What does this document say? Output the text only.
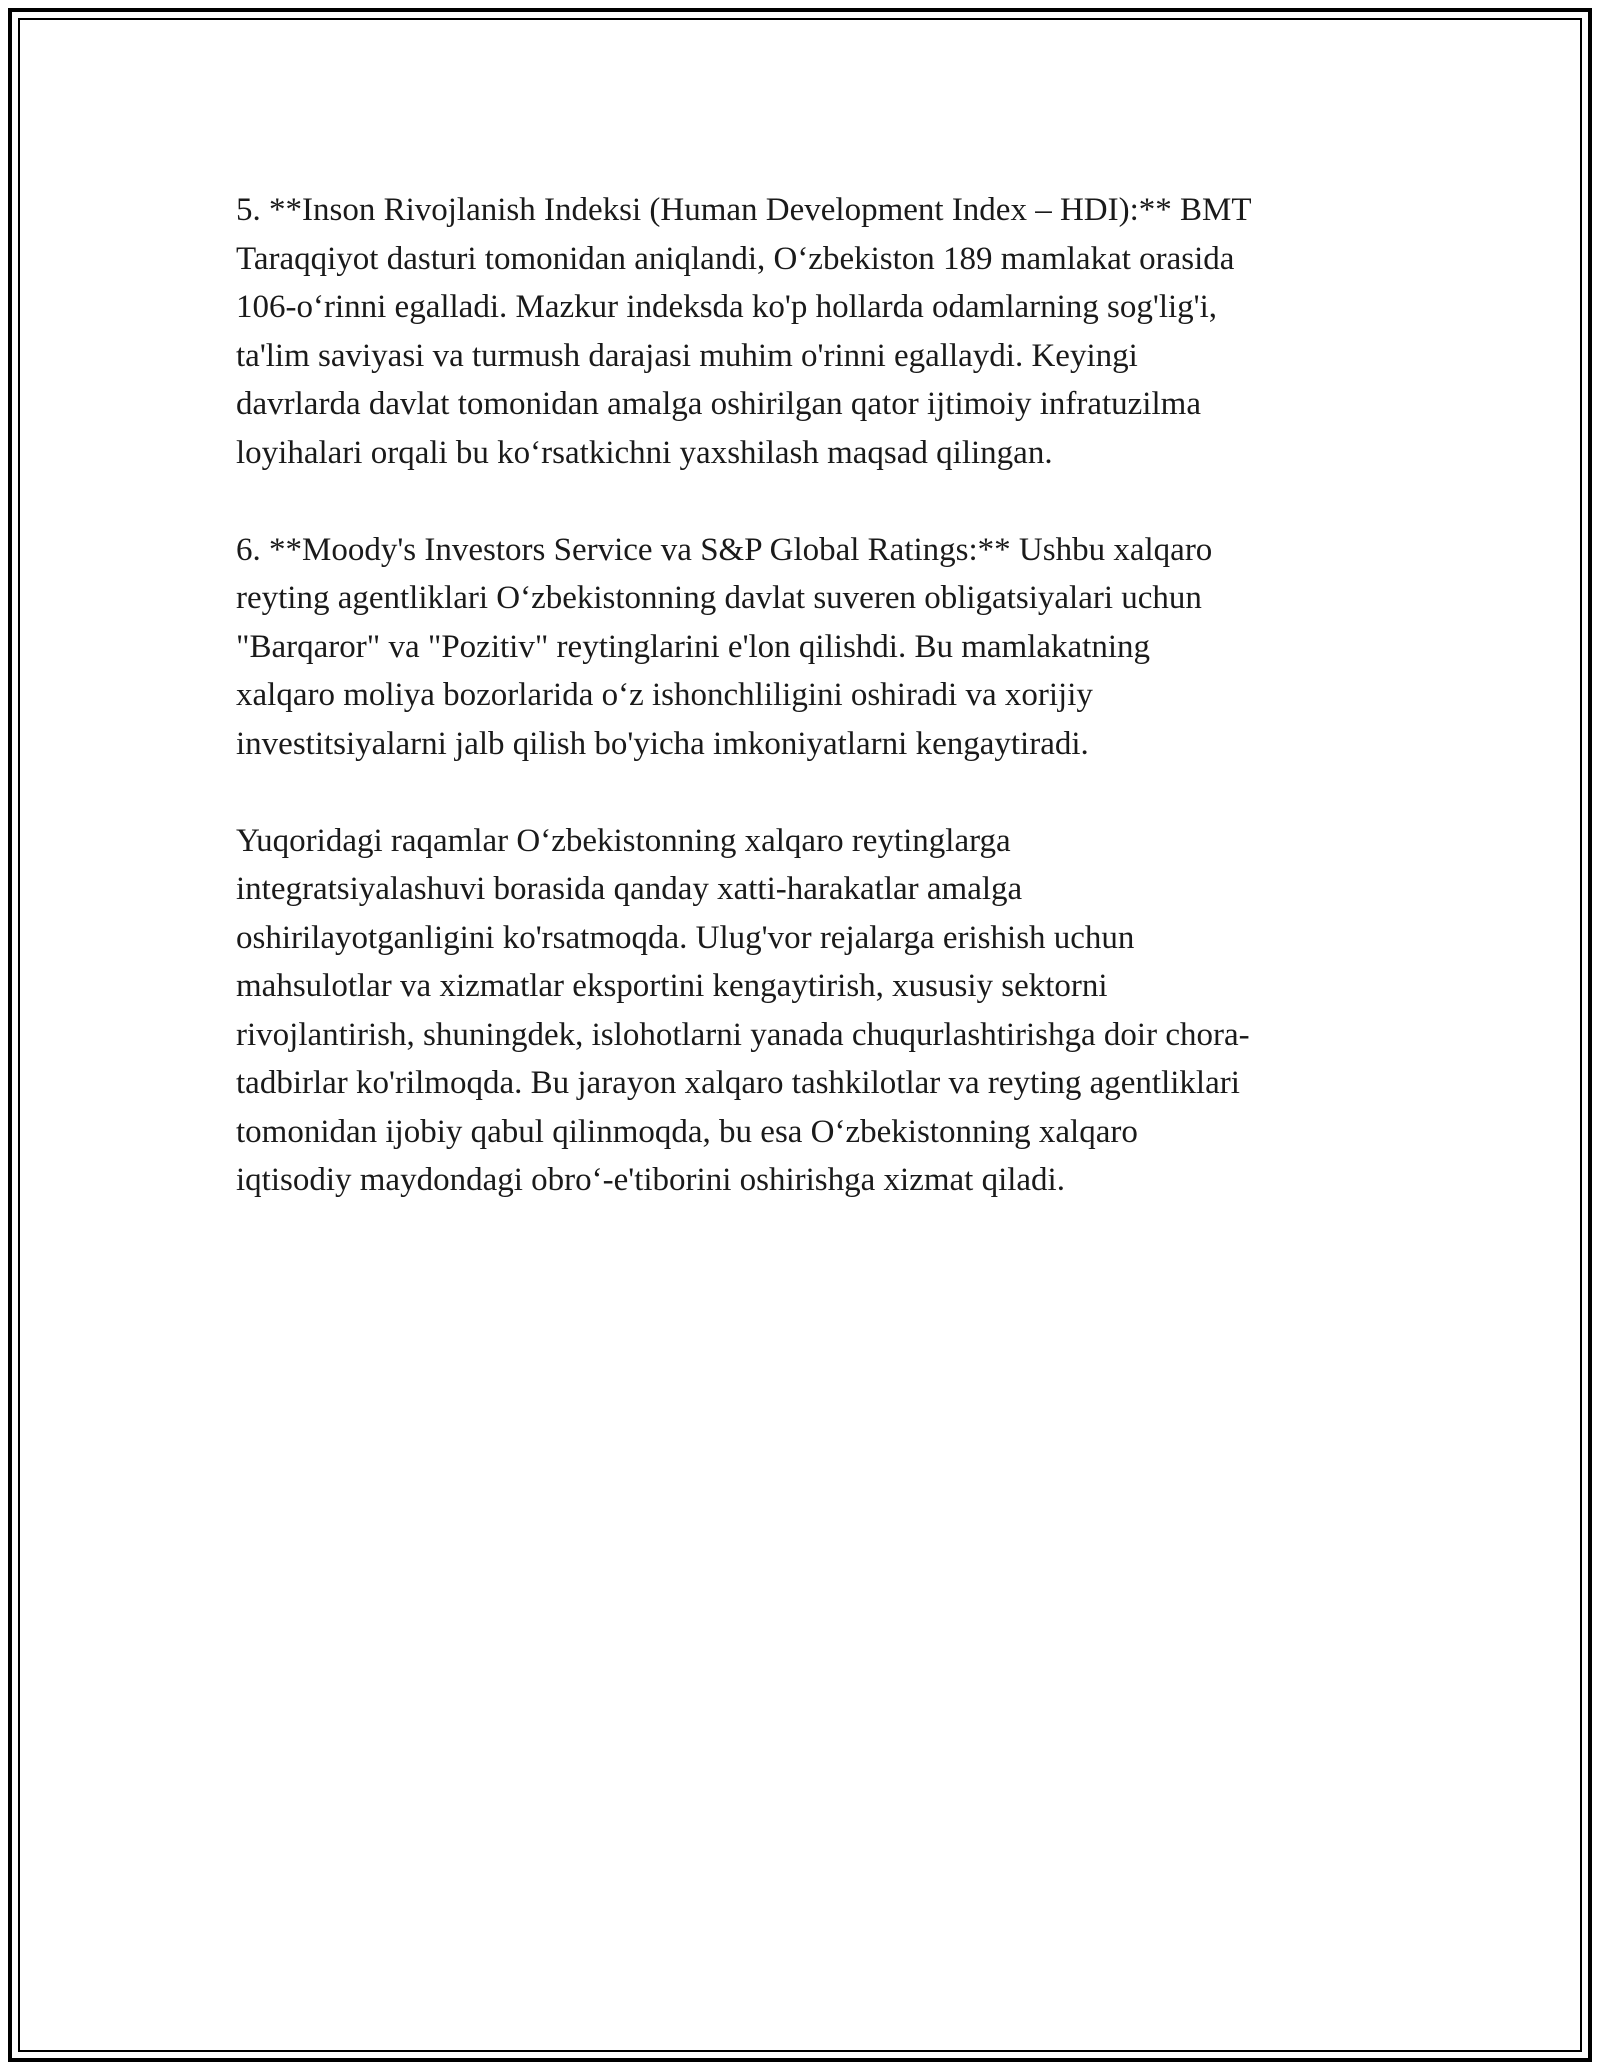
5. **Inson Rivojlanish Indeksi (Human Development Index – HDI):** BMT
Taraqqiyot dasturi tomonidan aniqlandi, O‘zbekiston 189 mamlakat orasida
106-o‘rinni egalladi. Mazkur indeksda ko'p hollarda odamlarning sog'lig'i,
ta'lim saviyasi va turmush darajasi muhim o'rinni egallaydi. Keyingi
davrlarda davlat tomonidan amalga oshirilgan qator ijtimoiy infratuzilma
loyihalari orqali bu ko‘rsatkichni yaxshilash maqsad qilingan.

6. **Moody's Investors Service va S&P Global Ratings:** Ushbu xalqaro
reyting agentliklari O‘zbekistonning davlat suveren obligatsiyalari uchun
"Barqaror" va "Pozitiv" reytinglarini e'lon qilishdi. Bu mamlakatning
xalqaro moliya bozorlarida o‘z ishonchliligini oshiradi va xorijiy
investitsiyalarni jalb qilish bo'yicha imkoniyatlarni kengaytiradi.

Yuqoridagi raqamlar O‘zbekistonning xalqaro reytinglarga
integratsiyalashuvi borasida qanday xatti-harakatlar amalga
oshirilayotganligini ko'rsatmoqda. Ulug'vor rejalarga erishish uchun
mahsulotlar va xizmatlar eksportini kengaytirish, xususiy sektorni
rivojlantirish, shuningdek, islohotlarni yanada chuqurlashtirishga doir chora-
tadbirlar ko'rilmoqda. Bu jarayon xalqaro tashkilotlar va reyting agentliklari
tomonidan ijobiy qabul qilinmoqda, bu esa O‘zbekistonning xalqaro
iqtisodiy maydondagi obro‘-e'tiborini oshirishga xizmat qiladi.
